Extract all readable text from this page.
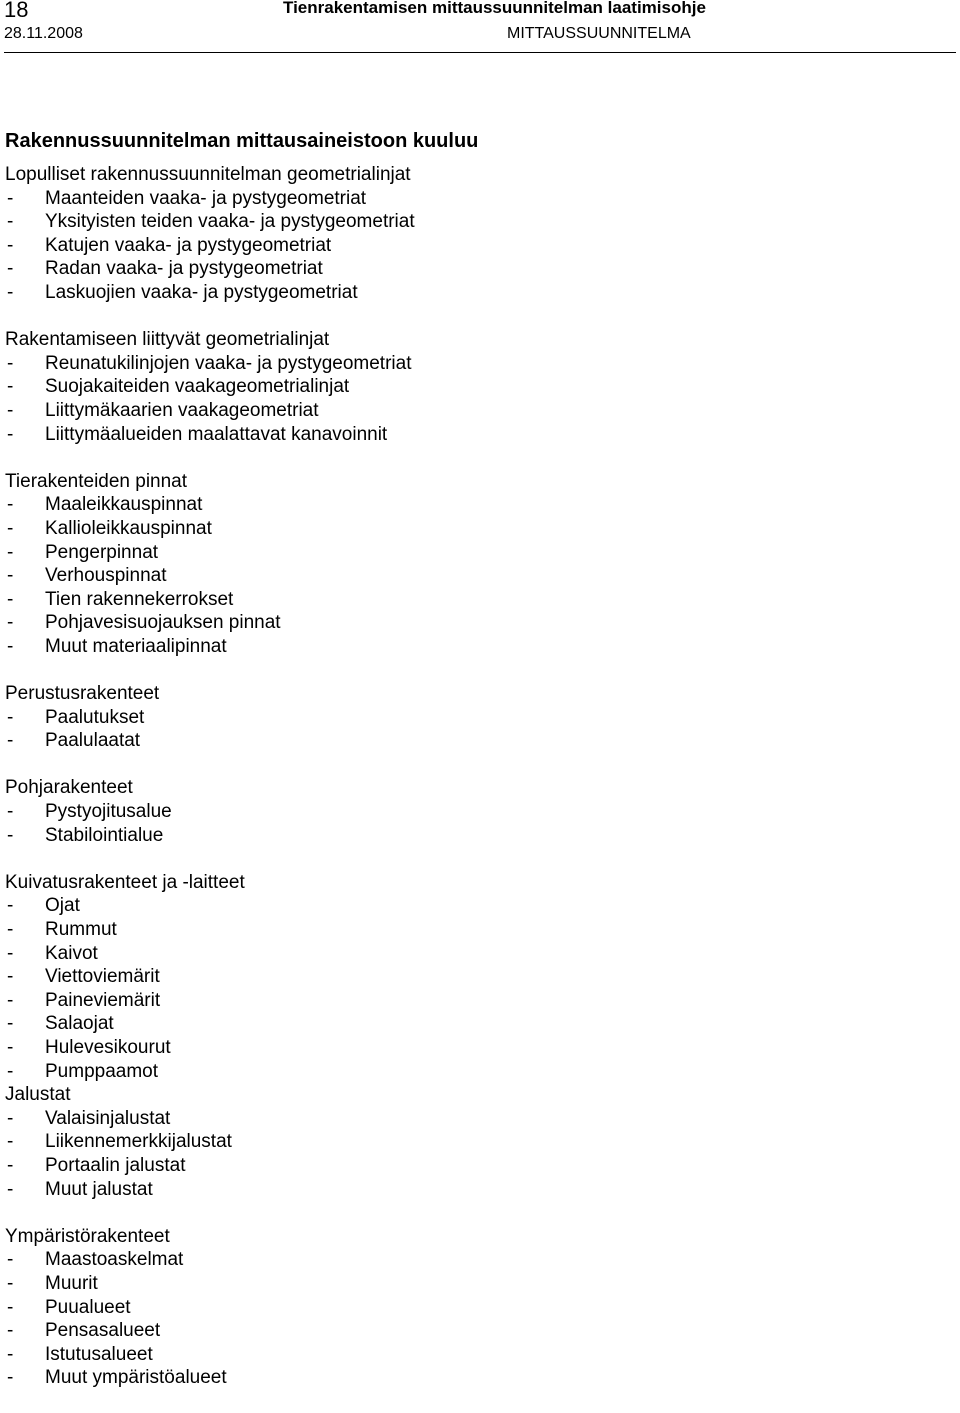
18
28.11.2008
Tienrakentamisen mittaussuunnitelman laatimisohje
MITTAUSSUUNNITELMA
Rakennussuunnitelman mittausaineistoon kuuluu
Lopulliset rakennussuunnitelman geometrialinjat
- Maanteiden vaaka- ja pystygeometriat
- Yksityisten teiden vaaka- ja pystygeometriat
- Katujen vaaka- ja pystygeometriat
- Radan vaaka- ja pystygeometriat
- Laskuojien vaaka- ja pystygeometriat
Rakentamiseen liittyvät geometrialinjat
- Reunatukilinjojen vaaka- ja pystygeometriat
- Suojakaiteiden vaakageometrialinjat
- Liittymäkaarien vaakageometriat
- Liittymäalueiden maalattavat kanavoinnit
Tierakenteiden pinnat
- Maaleikkauspinnat
- Kallioleikkauspinnat
- Pengerpinnat
- Verhouspinnat
- Tien rakennekerrokset
- Pohjavesisuojauksen pinnat
- Muut materiaalipinnat
Perustusrakenteet
- Paalutukset
- Paalulaatat
Pohjarakenteet
- Pystyojitusalue
- Stabilointialue
Kuivatusrakenteet ja -laitteet
- Ojat
- Rummut
- Kaivot
- Viettoviemärit
- Paineviemärit
- Salaojat
- Hulevesikourut
- Pumppaamot
Jalustat
- Valaisinjalustat
- Liikennemerkkijalustat
- Portaalin jalustat
- Muut jalustat
Ympäristörakenteet
- Maastoaskelmat
- Muurit
- Puualueet
- Pensasalueet
- Istutusalueet
- Muut ympäristöalueet
